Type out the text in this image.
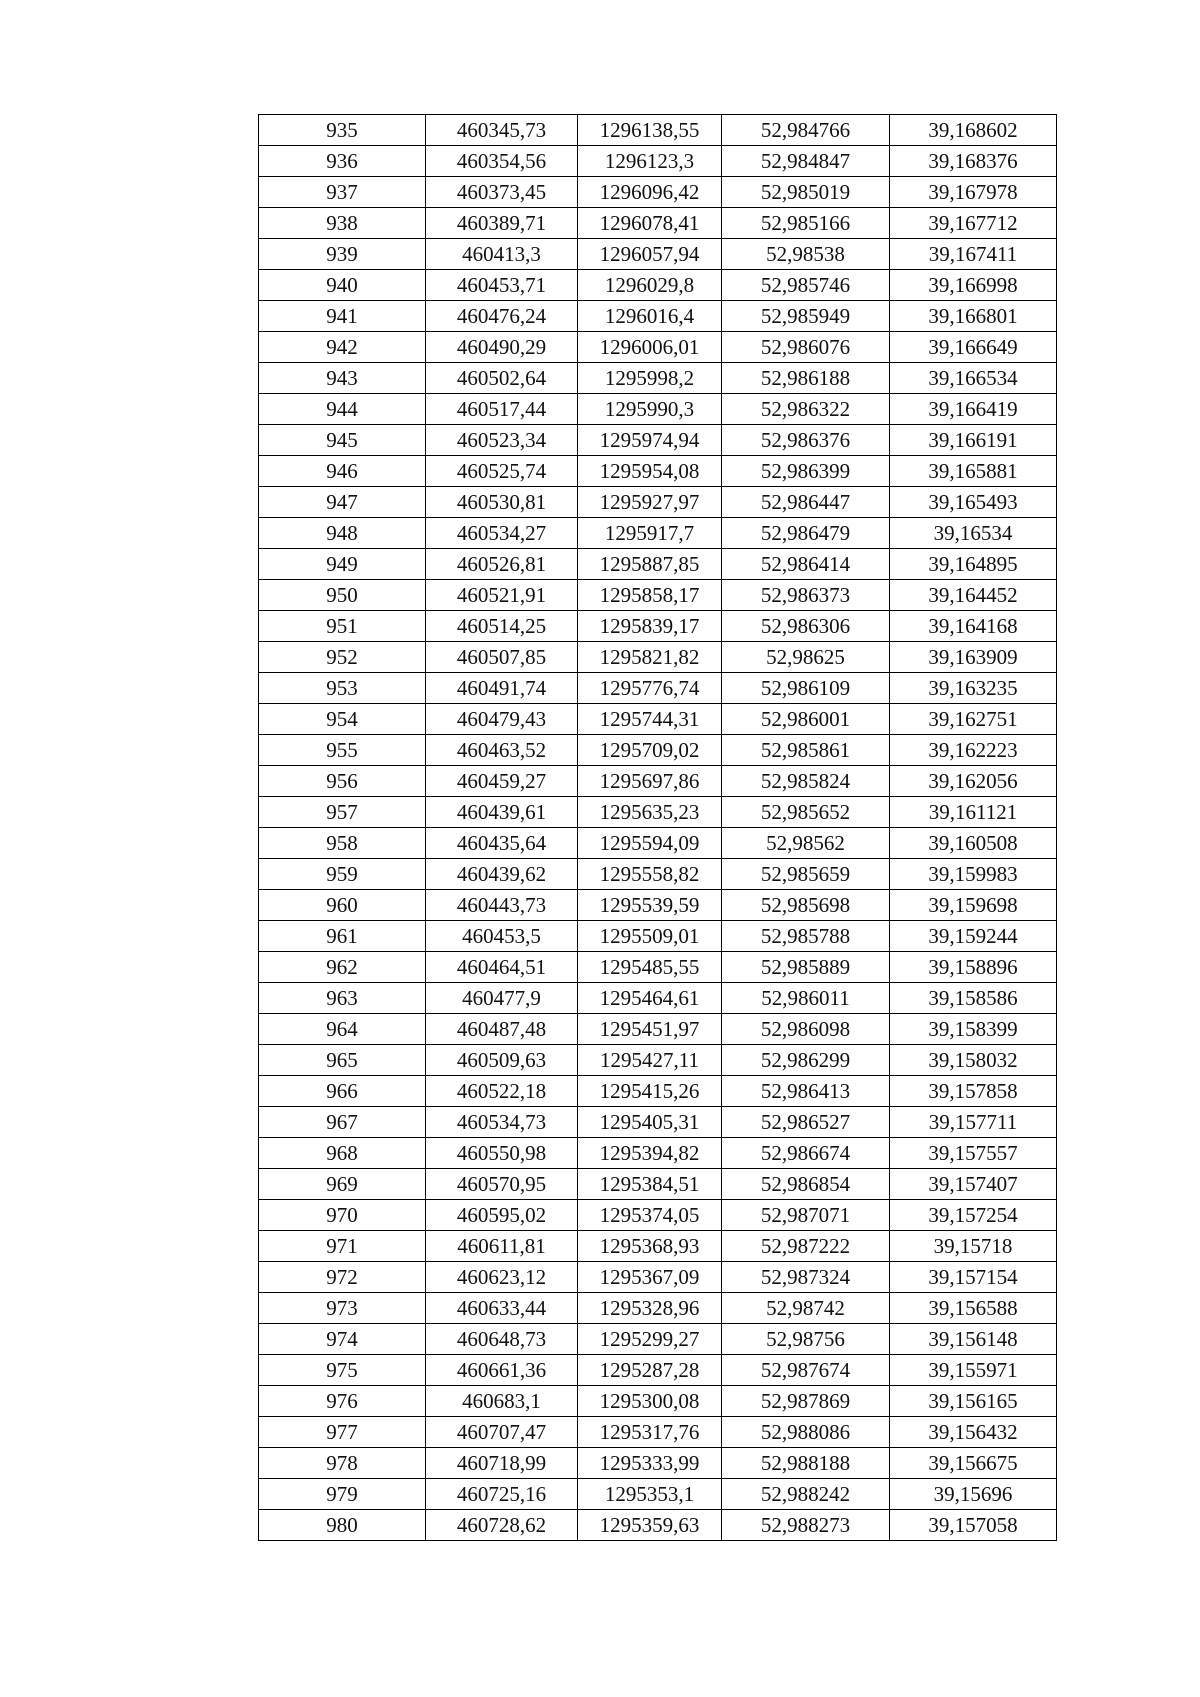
935	460345,73	1296138,55	52,984766	39,168602
936	460354,56	1296123,3	52,984847	39,168376
937	460373,45	1296096,42	52,985019	39,167978
938	460389,71	1296078,41	52,985166	39,167712
939	460413,3	1296057,94	52,98538	39,167411
940	460453,71	1296029,8	52,985746	39,166998
941	460476,24	1296016,4	52,985949	39,166801
942	460490,29	1296006,01	52,986076	39,166649
943	460502,64	1295998,2	52,986188	39,166534
944	460517,44	1295990,3	52,986322	39,166419
945	460523,34	1295974,94	52,986376	39,166191
946	460525,74	1295954,08	52,986399	39,165881
947	460530,81	1295927,97	52,986447	39,165493
948	460534,27	1295917,7	52,986479	39,16534
949	460526,81	1295887,85	52,986414	39,164895
950	460521,91	1295858,17	52,986373	39,164452
951	460514,25	1295839,17	52,986306	39,164168
952	460507,85	1295821,82	52,98625	39,163909
953	460491,74	1295776,74	52,986109	39,163235
954	460479,43	1295744,31	52,986001	39,162751
955	460463,52	1295709,02	52,985861	39,162223
956	460459,27	1295697,86	52,985824	39,162056
957	460439,61	1295635,23	52,985652	39,161121
958	460435,64	1295594,09	52,98562	39,160508
959	460439,62	1295558,82	52,985659	39,159983
960	460443,73	1295539,59	52,985698	39,159698
961	460453,5	1295509,01	52,985788	39,159244
962	460464,51	1295485,55	52,985889	39,158896
963	460477,9	1295464,61	52,986011	39,158586
964	460487,48	1295451,97	52,986098	39,158399
965	460509,63	1295427,11	52,986299	39,158032
966	460522,18	1295415,26	52,986413	39,157858
967	460534,73	1295405,31	52,986527	39,157711
968	460550,98	1295394,82	52,986674	39,157557
969	460570,95	1295384,51	52,986854	39,157407
970	460595,02	1295374,05	52,987071	39,157254
971	460611,81	1295368,93	52,987222	39,15718
972	460623,12	1295367,09	52,987324	39,157154
973	460633,44	1295328,96	52,98742	39,156588
974	460648,73	1295299,27	52,98756	39,156148
975	460661,36	1295287,28	52,987674	39,155971
976	460683,1	1295300,08	52,987869	39,156165
977	460707,47	1295317,76	52,988086	39,156432
978	460718,99	1295333,99	52,988188	39,156675
979	460725,16	1295353,1	52,988242	39,15696
980	460728,62	1295359,63	52,988273	39,157058
